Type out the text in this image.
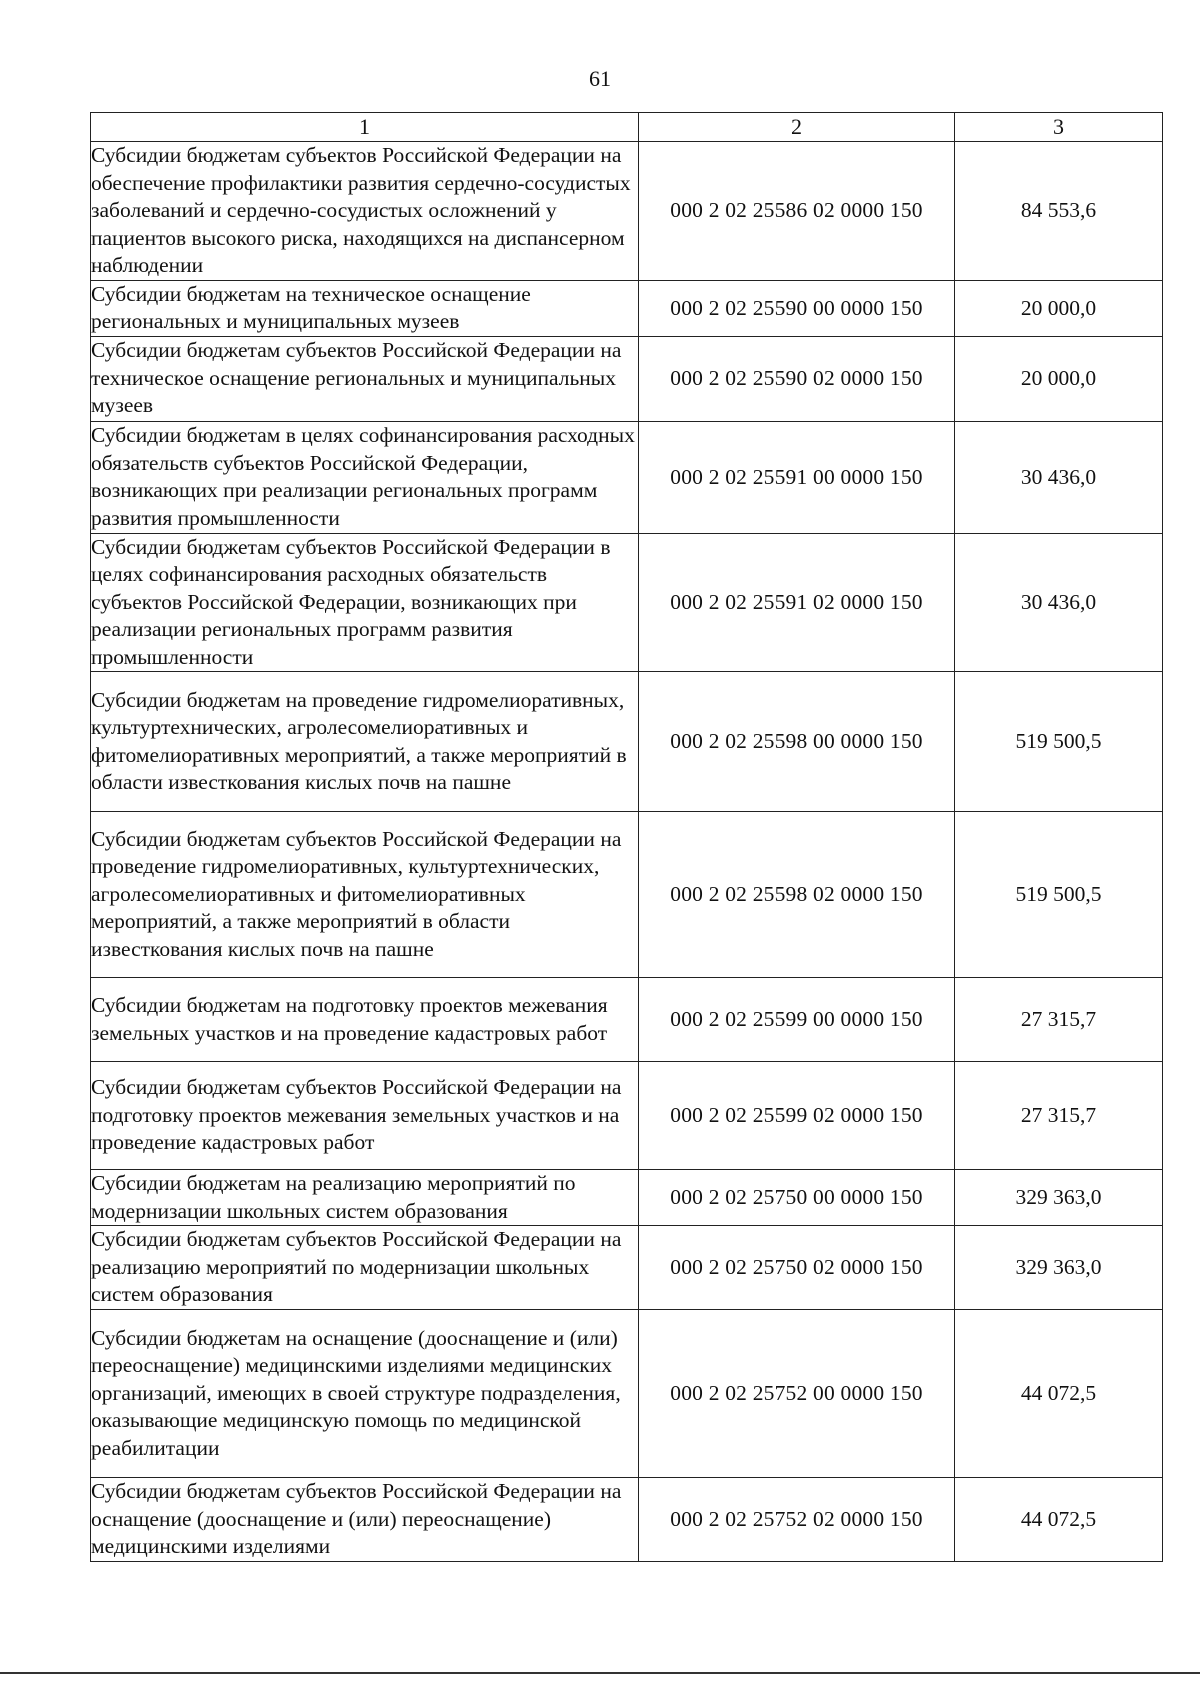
61
1	2	3
Субсидии бюджетам субъектов Российской Федерации на обеспечение профилактики развития сердечно-сосудистых заболеваний и сердечно-сосудистых осложнений у пациентов высокого риска, находящихся на диспансерном наблюдении	000 2 02 25586 02 0000 150	84 553,6
Субсидии бюджетам на техническое оснащение региональных и муниципальных музеев	000 2 02 25590 00 0000 150	20 000,0
Субсидии бюджетам субъектов Российской Федерации на техническое оснащение региональных и муниципальных музеев	000 2 02 25590 02 0000 150	20 000,0
Субсидии бюджетам в целях софинансирования расходных обязательств субъектов Российской Федерации, возникающих при реализации региональных программ развития промышленности	000 2 02 25591 00 0000 150	30 436,0
Субсидии бюджетам субъектов Российской Федерации в целях софинансирования расходных обязательств субъектов Российской Федерации, возникающих при реализации региональных программ развития промышленности	000 2 02 25591 02 0000 150	30 436,0
Субсидии бюджетам на проведение гидромелиоративных, культуртехнических, агролесомелиоративных и фитомелиоративных мероприятий, а также мероприятий в области известкования кислых почв на пашне	000 2 02 25598 00 0000 150	519 500,5
Субсидии бюджетам субъектов Российской Федерации на проведение гидромелиоративных, культуртехнических, агролесомелиоративных и фитомелиоративных мероприятий, а также мероприятий в области известкования кислых почв на пашне	000 2 02 25598 02 0000 150	519 500,5
Субсидии бюджетам на подготовку проектов межевания земельных участков и на проведение кадастровых работ	000 2 02 25599 00 0000 150	27 315,7
Субсидии бюджетам субъектов Российской Федерации на подготовку проектов межевания земельных участков и на проведение кадастровых работ	000 2 02 25599 02 0000 150	27 315,7
Субсидии бюджетам на реализацию мероприятий по модернизации школьных систем образования	000 2 02 25750 00 0000 150	329 363,0
Субсидии бюджетам субъектов Российской Федерации на реализацию мероприятий по модернизации школьных систем образования	000 2 02 25750 02 0000 150	329 363,0
Субсидии бюджетам на оснащение (дооснащение и (или) переоснащение) медицинскими изделиями медицинских организаций, имеющих в своей структуре подразделения, оказывающие медицинскую помощь по медицинской реабилитации	000 2 02 25752 00 0000 150	44 072,5
Субсидии бюджетам субъектов Российской Федерации на оснащение (дооснащение и (или) переоснащение) медицинскими изделиями	000 2 02 25752 02 0000 150	44 072,5
